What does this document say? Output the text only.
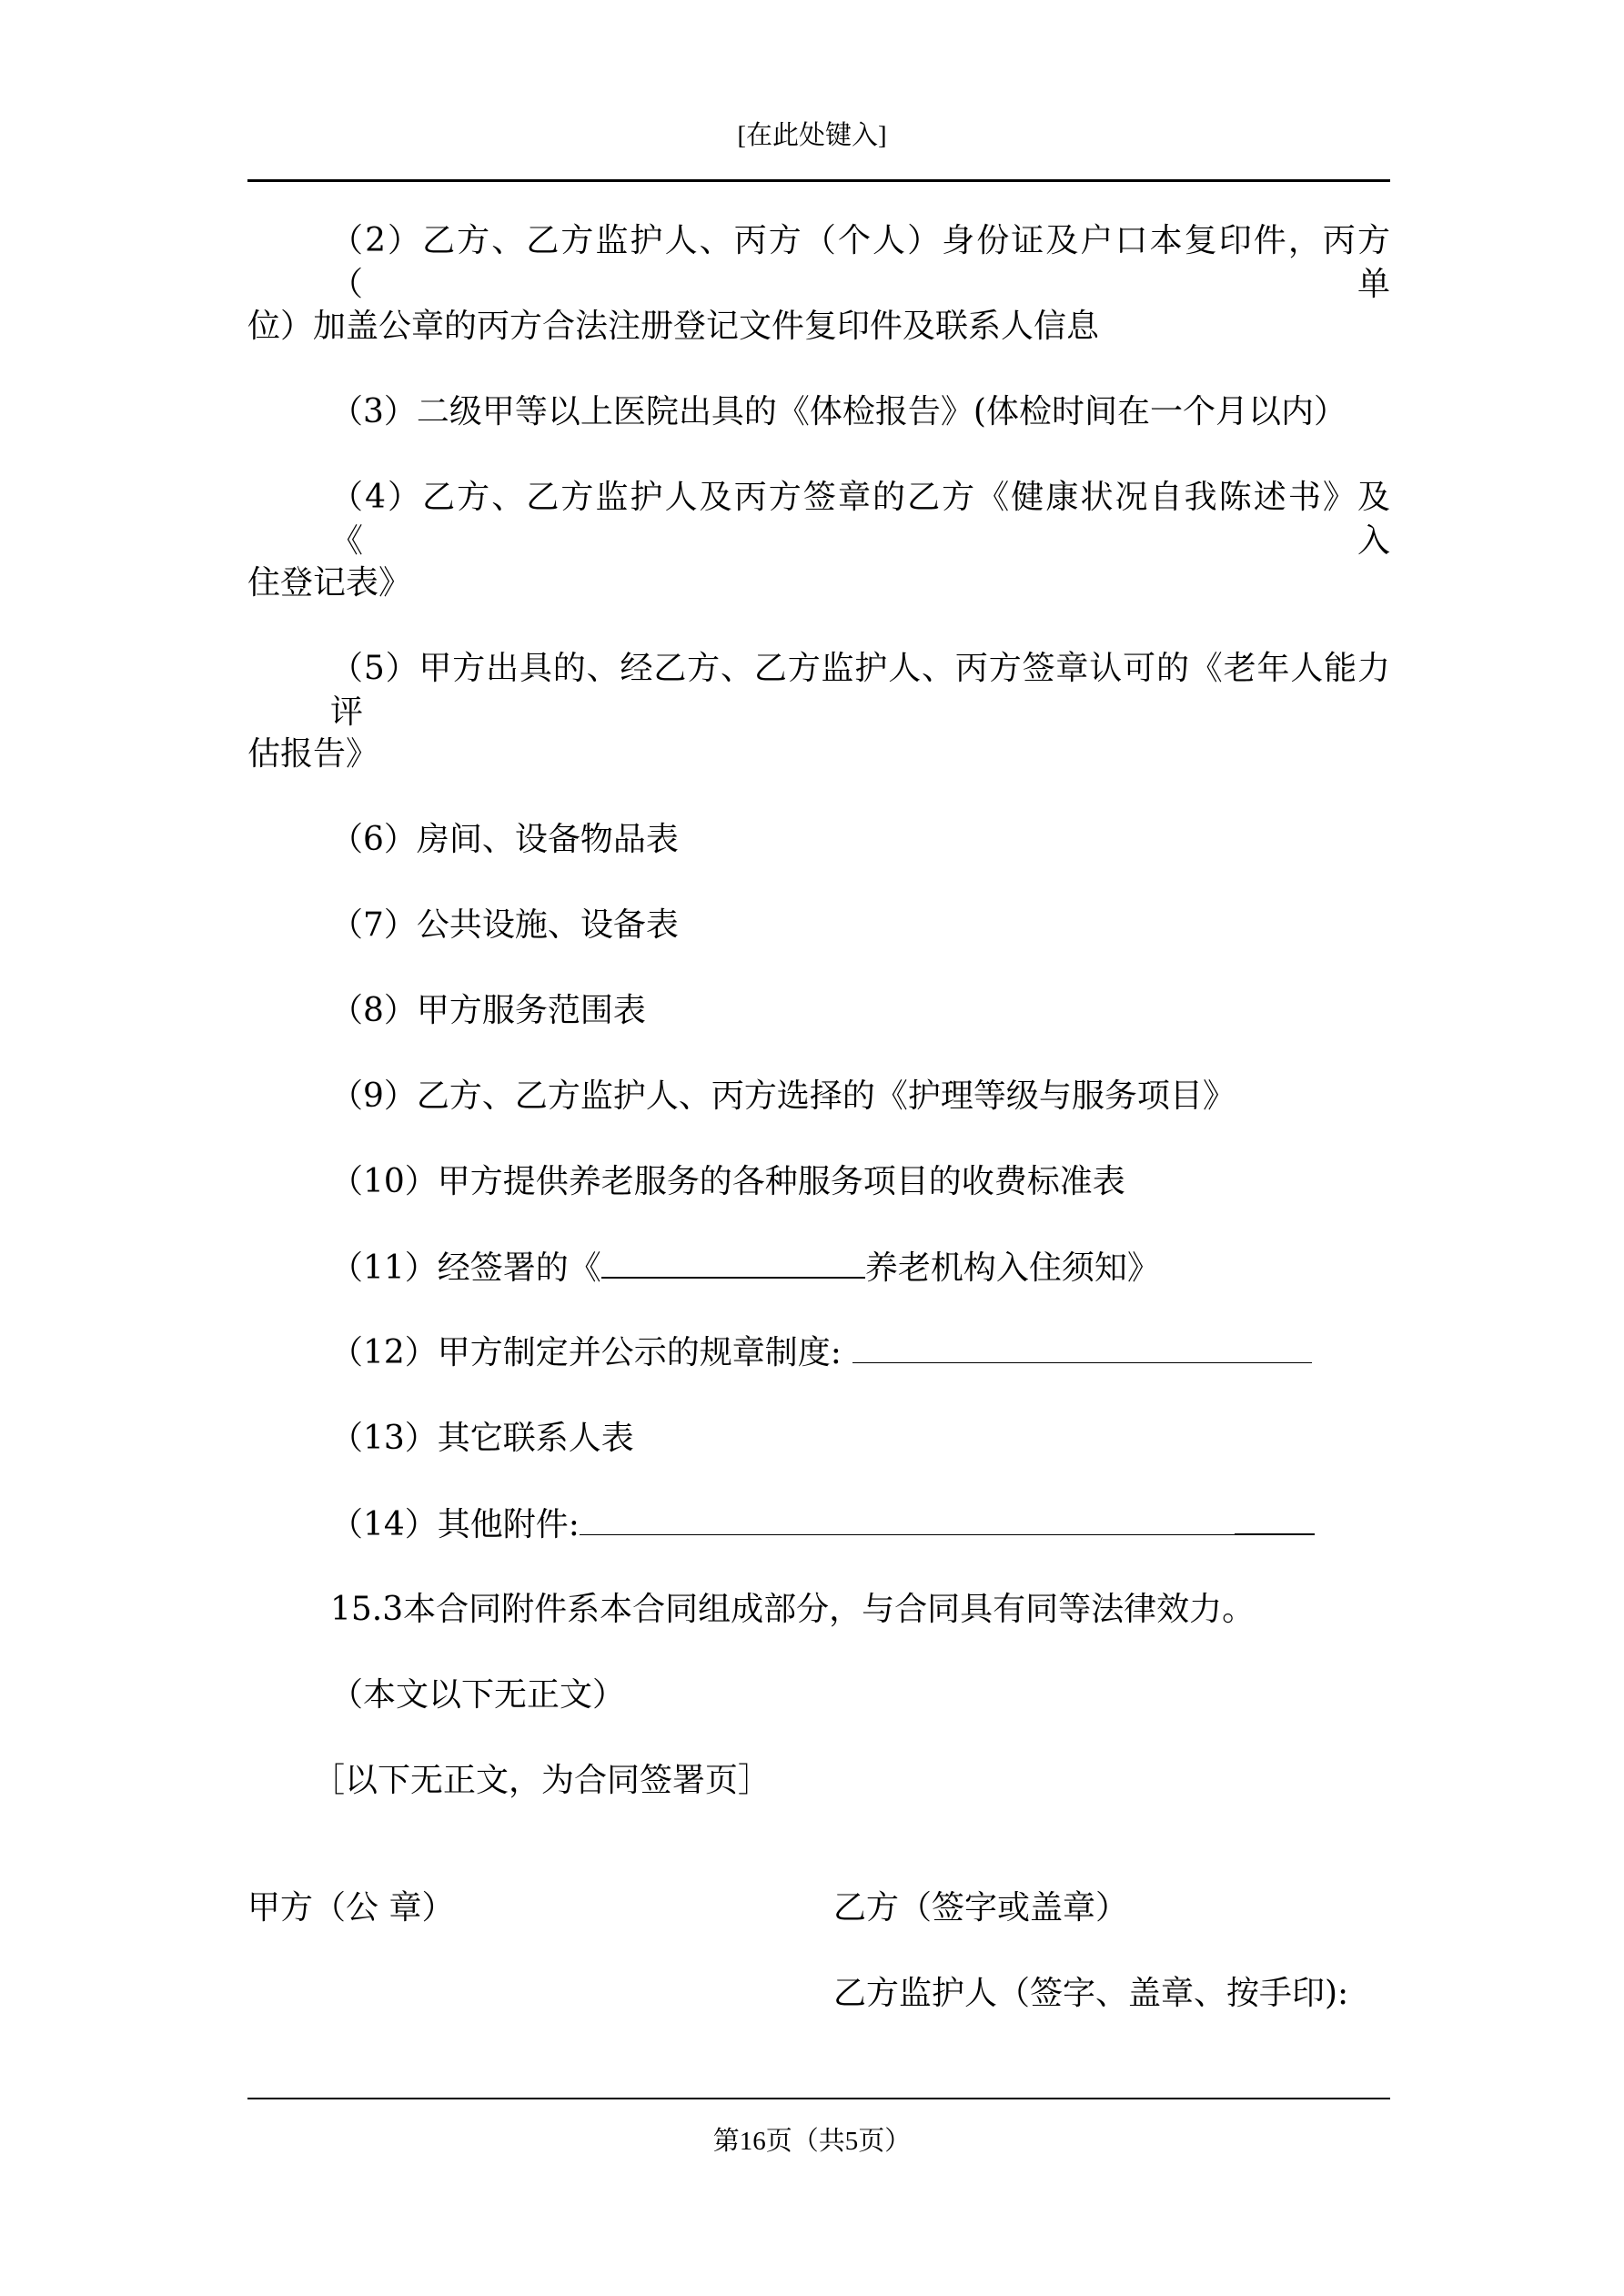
[在此处键入]
（2）乙方、乙方监护人、丙方（个人）身份证及户口本复印件，丙方（单
位）加盖公章的丙方合法注册登记文件复印件及联系人信息
（3）二级甲等以上医院出具的《体检报告》(体检时间在一个月以内）
（4）乙方、乙方监护人及丙方签章的乙方《健康状况自我陈述书》及《入
住登记表》
（5）甲方出具的、经乙方、乙方监护人、丙方签章认可的《老年人能力评
估报告》
（6）房间、设备物品表
（7）公共设施、设备表
（8）甲方服务范围表
（9）乙方、乙方监护人、丙方选择的《护理等级与服务项目》
（10）甲方提供养老服务的各种服务项目的收费标准表
（11）经签署的《	养老机构入住须知》
（12）甲方制定并公示的规章制度:
（13）其它联系人表
（14）其他附件:
15.3本合同附件系本合同组成部分，与合同具有同等法律效力。
（本文以下无正文）
［以下无正文，为合同签署页］
甲方（公 章）	乙方（签字或盖章）
乙方监护人（签字、盖章、按手印):
第16页（共5页）
